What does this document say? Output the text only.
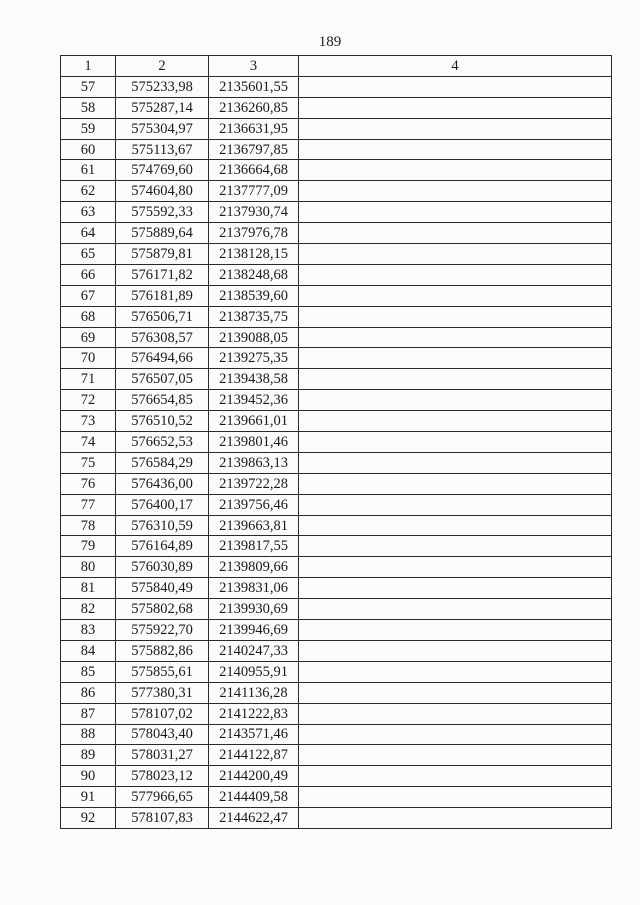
189
1	2	3	4
57	575233,98	2135601,55	
58	575287,14	2136260,85	
59	575304,97	2136631,95	
60	575113,67	2136797,85	
61	574769,60	2136664,68	
62	574604,80	2137777,09	
63	575592,33	2137930,74	
64	575889,64	2137976,78	
65	575879,81	2138128,15	
66	576171,82	2138248,68	
67	576181,89	2138539,60	
68	576506,71	2138735,75	
69	576308,57	2139088,05	
70	576494,66	2139275,35	
71	576507,05	2139438,58	
72	576654,85	2139452,36	
73	576510,52	2139661,01	
74	576652,53	2139801,46	
75	576584,29	2139863,13	
76	576436,00	2139722,28	
77	576400,17	2139756,46	
78	576310,59	2139663,81	
79	576164,89	2139817,55	
80	576030,89	2139809,66	
81	575840,49	2139831,06	
82	575802,68	2139930,69	
83	575922,70	2139946,69	
84	575882,86	2140247,33	
85	575855,61	2140955,91	
86	577380,31	2141136,28	
87	578107,02	2141222,83	
88	578043,40	2143571,46	
89	578031,27	2144122,87	
90	578023,12	2144200,49	
91	577966,65	2144409,58	
92	578107,83	2144622,47	
